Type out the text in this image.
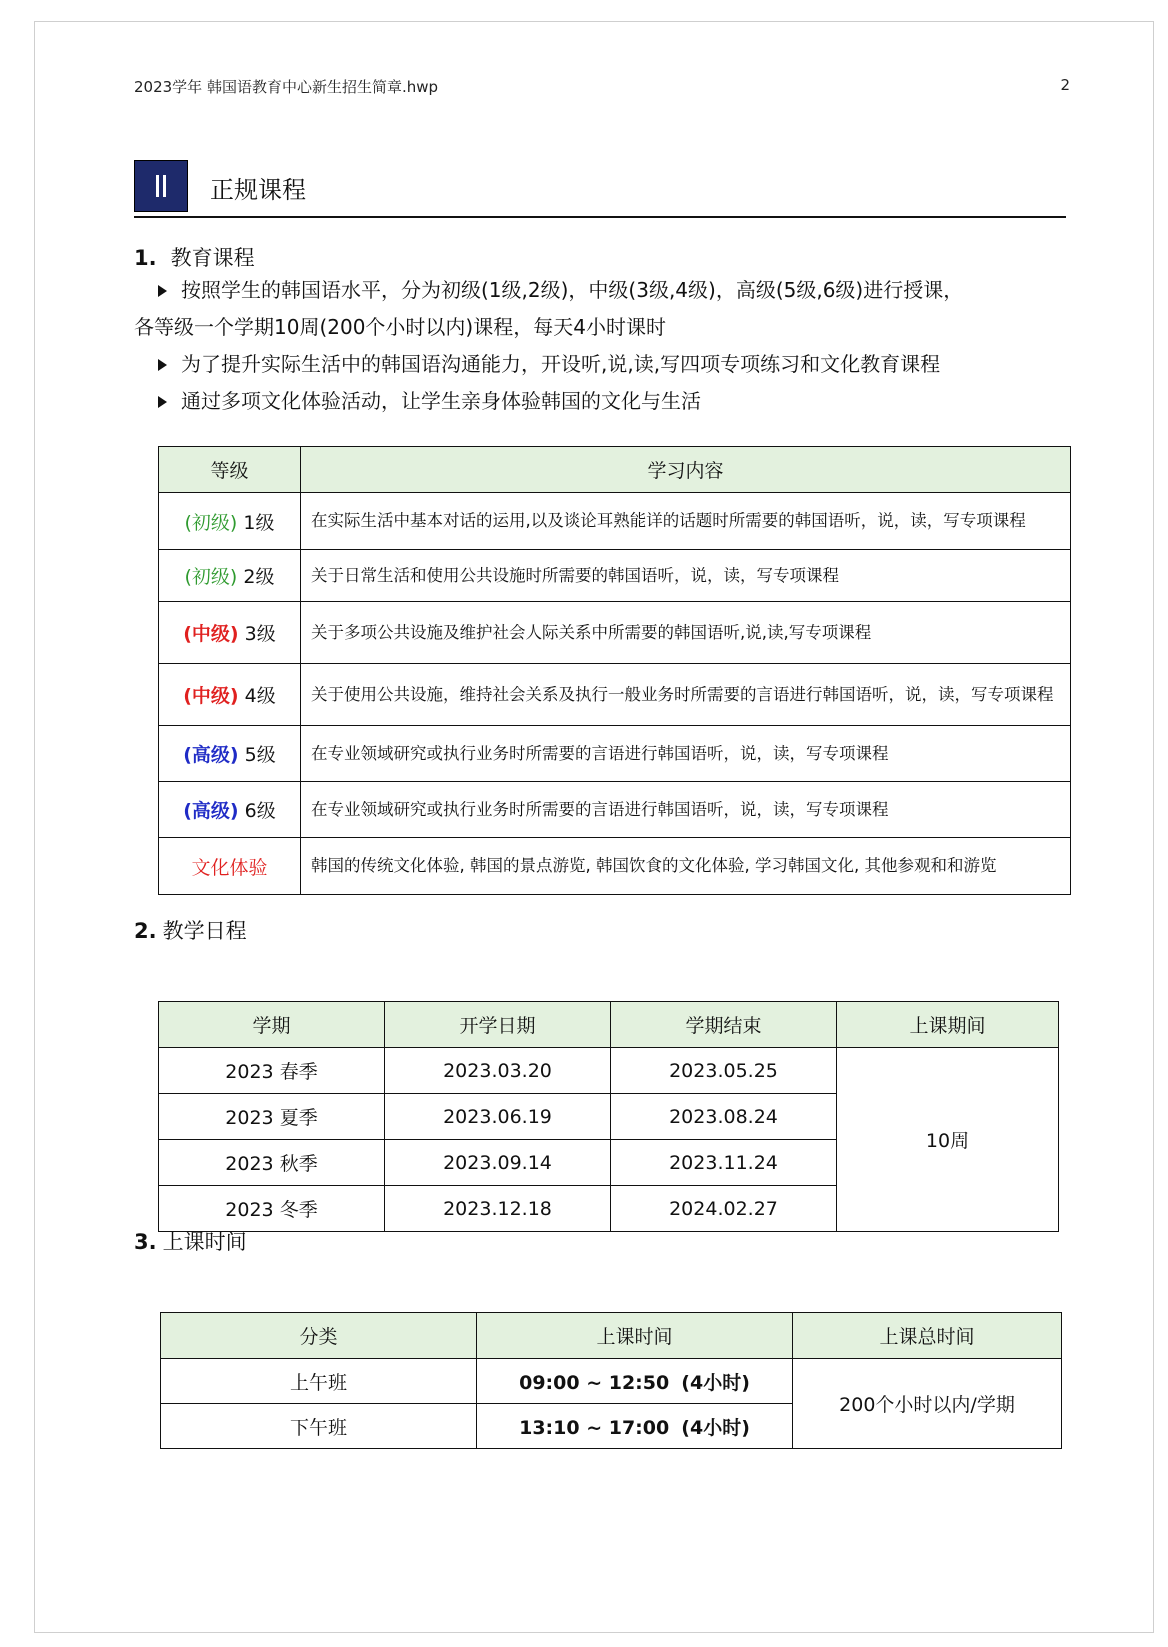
2023学年 韩国语教育中心新生招生简章.hwp	2
正规课程
1. 教育课程
按照学生的韩国语水平，分为初级(1级,2级)，中级(3级,4级)，高级(5级,6级)进行授课，
各等级一个学期10周(200个小时以内)课程，每天4小时课时
为了提升实际生活中的韩国语沟通能力，开设听,说,读,写四项专项练习和文化教育课程
通过多项文化体验活动，让学生亲身体验韩国的文化与生活
等级	学习内容
(初级) 1级	在实际生活中基本对话的运用,以及谈论耳熟能详的话题时所需要的韩国语听，说，读，写专项课程
(初级) 2级	关于日常生活和使用公共设施时所需要的韩国语听，说，读，写专项课程
(中级) 3级	关于多项公共设施及维护社会人际关系中所需要的韩国语听,说,读,写专项课程
(中级) 4级	关于使用公共设施，维持社会关系及执行一般业务时所需要的言语进行韩国语听，说，读，写专项课程
(高级) 5级	在专业领域研究或执行业务时所需要的言语进行韩国语听，说，读，写专项课程
(高级) 6级	在专业领域研究或执行业务时所需要的言语进行韩国语听，说，读，写专项课程
文化体验	韩国的传统文化体验, 韩国的景点游览, 韩国饮食的文化体验, 学习韩国文化, 其他参观和和游览
2. 教学日程
学期	开学日期	学期结束	上课期间
2023 春季	2023.03.20	2023.05.25	10周
2023 夏季	2023.06.19	2023.08.24	
2023 秋季	2023.09.14	2023.11.24	
2023 冬季	2023.12.18	2024.02.27	
3. 上课时间
分类	上课时间	上课总时间
上午班	09:00 ~ 12:50 (4小时)	200个小时以内/学期
下午班	13:10 ~ 17:00 (4小时)	
